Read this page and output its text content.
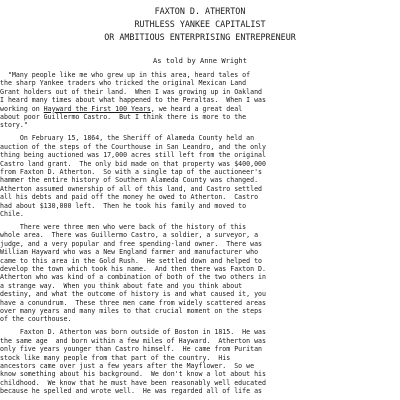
FAXTON D. ATHERTON
RUTHLESS YANKEE CAPITALIST
OR AMBITIOUS ENTERPRISING ENTREPRENEUR
As told by Anne Wright
"Many people like me who grew up in this area, heard tales of
the sharp Yankee traders who tricked the original Mexican Land
Grant holders out of their land.  When I was growing up in Oakland
I heard many times about what happened to the Peraltas.  When I was
working on Hayward the First 100 Years, we heard a great deal
about poor Guillermo Castro.  But I think there is more to the
story."
On February 15, 1864, the Sheriff of Alameda County held an
auction of the steps of the Courthouse in San Leandro, and the only
thing being auctioned was 17,000 acres still left from the original
Castro land grant.  The only bid made on that property was $400,000
from Faxton D. Atherton.  So with a single tap of the auctioneer's
hammer the entire history of Southern Alameda County was changed.
Atherton assumed ownership of all of this land, and Castro settled
all his debts and paid off the money he owed to Atherton.  Castro
had about $130,000 left.  Then he took his family and moved to
Chile.
There were three men who were back of the history of this
whole area.  There was Guillermo Castro, a soldier, a surveyor, a
judge, and a very popular and free spending-land owner.  There was
William Hayward who was a New England farmer and manufacturer who
came to this area in the Gold Rush.  He settled down and helped to
develop the town which took his name.  And then there was Faxton D.
Atherton who was kind of a combination of both of the two others in
a strange way.  When you think about fate and you think about
destiny, and what the outcome of history is and what caused it, you
have a conundrum.  These three men came from widely scattered areas
over many years and many miles to that crucial moment on the steps
of the courthouse.
Faxton D. Atherton was born outside of Boston in 1815.  He was
the same age  and born within a few miles of Hayward.  Atherton was
only five years younger than Castro himself.  He came from Puritan
stock like many people from that part of the country.  His
ancestors came over just a few years after the Mayflower.  So we
know something about his background.  We don't know a lot about his
childhood.  We know that he must have been reasonably well educated
because he spelled and wrote well.  He was regarded all of life as
